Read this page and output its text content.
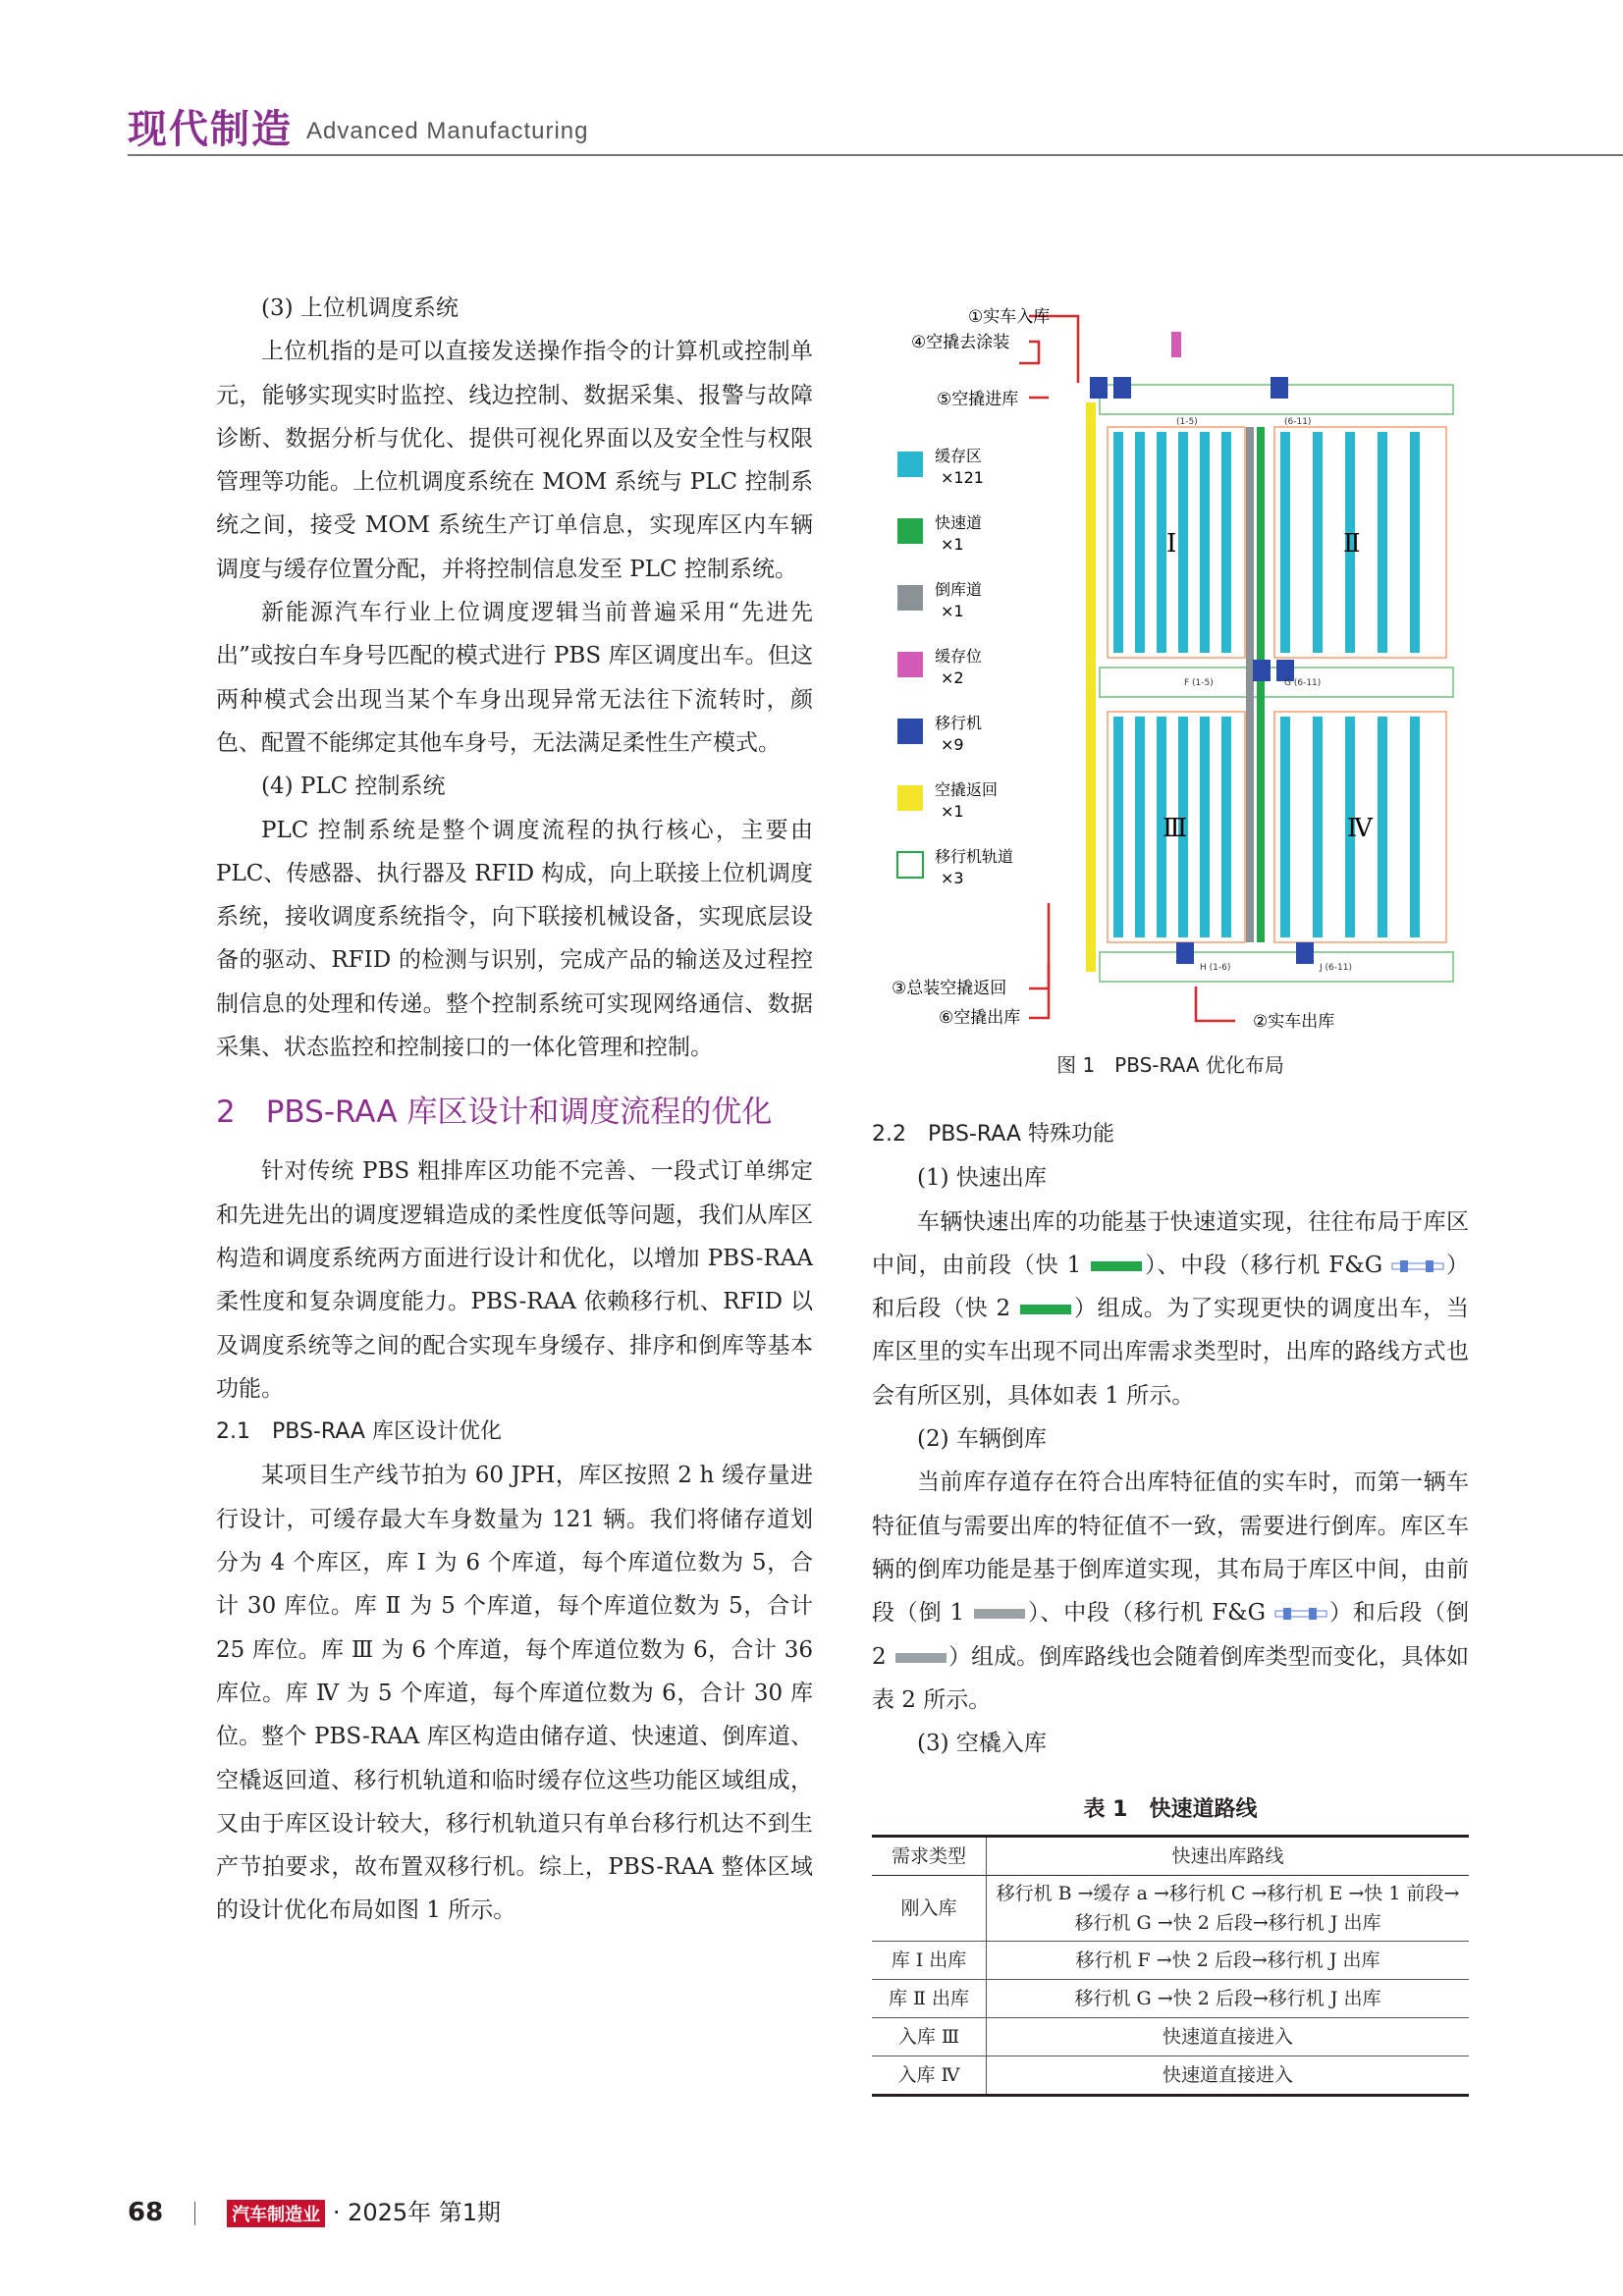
现代制造 Advanced Manufacturing

(3) 上位机调度系统

上位机指的是可以直接发送操作指令的计算机或控制单元，能够实现实时监控、线边控制、数据采集、报警与故障诊断、数据分析与优化、提供可视化界面以及安全性与权限管理等功能。上位机调度系统在 MOM 系统与 PLC 控制系统之间，接受 MOM 系统生产订单信息，实现库区内车辆调度与缓存位置分配，并将控制信息发至 PLC 控制系统。

新能源汽车行业上位调度逻辑当前普遍采用“先进先出”或按白车身号匹配的模式进行 PBS 库区调度出车。但这两种模式会出现当某个车身出现异常无法往下流转时，颜色、配置不能绑定其他车身号，无法满足柔性生产模式。

(4) PLC 控制系统

PLC 控制系统是整个调度流程的执行核心，主要由 PLC、传感器、执行器及 RFID 构成，向上联接上位机调度系统，接收调度系统指令，向下联接机械设备，实现底层设备的驱动、RFID 的检测与识别，完成产品的输送及过程控制信息的处理和传递。整个控制系统可实现网络通信、数据采集、状态监控和控制接口的一体化管理和控制。

2　PBS-RAA 库区设计和调度流程的优化

针对传统 PBS 粗排库区功能不完善、一段式订单绑定和先进先出的调度逻辑造成的柔性度低等问题，我们从库区构造和调度系统两方面进行设计和优化，以增加 PBS-RAA 柔性度和复杂调度能力。PBS-RAA 依赖移行机、RFID 以及调度系统等之间的配合实现车身缓存、排序和倒库等基本功能。

2.1　PBS-RAA 库区设计优化

某项目生产线节拍为 60 JPH，库区按照 2 h 缓存量进行设计，可缓存最大车身数量为 121 辆。我们将储存道划分为 4 个库区，库 Ⅰ 为 6 个库道，每个库道位数为 5，合计 30 库位。库 Ⅱ 为 5 个库道，每个库道位数为 5，合计 25 库位。库 Ⅲ 为 6 个库道，每个库道位数为 6，合计 36 库位。库 Ⅳ 为 5 个库道，每个库道位数为 6，合计 30 库位。整个 PBS-RAA 库区构造由储存道、快速道、倒库道、空橇返回道、移行机轨道和临时缓存位这些功能区域组成，又由于库区设计较大，移行机轨道只有单台移行机达不到生产节拍要求，故布置双移行机。综上，PBS-RAA 整体区域的设计优化布局如图 1 所示。

①实车入库
④空撬去涂装
⑤空撬进库
③总装空撬返回
⑥空撬出库	②实车出库
Ⅰ	Ⅱ
Ⅲ	Ⅳ
(1-5)	(6-11)
F (1-5)	G (6-11)
H (1-6)	J (6-11)
缓存区
×121
快速道
×1
倒库道
×1
缓存位
×2
移行机
×9
空撬返回
×1
移行机轨道
×3
图 1　PBS-RAA 优化布局
2.2　PBS-RAA 特殊功能

(1) 快速出库

车辆快速出库的功能基于快速道实现，往往布局于库区中间，由前段（快 1 ）、中段（移行机 F&G ）和后段（快 2 ）组成。为了实现更快的调度出车，当库区里的实车出现不同出库需求类型时，出库的路线方式也会有所区别，具体如表 1 所示。

(2) 车辆倒库

当前库存道存在符合出库特征值的实车时，而第一辆车特征值与需要出库的特征值不一致，需要进行倒库。库区车辆的倒库功能是基于倒库道实现，其布局于库区中间，由前段（倒 1 ）、中段（移行机 F&G ）和后段（倒 2 ）组成。倒库路线也会随着倒库类型而变化，具体如表 2 所示。

(3) 空橇入库

表 1　快速道路线
需求类型	快速出库路线
刚入库	移行机 B →缓存 a →移行机 C →移行机 E →快 1 前段→移行机 G →快 2 后段→移行机 J 出库
库 Ⅰ 出库	移行机 F →快 2 后段→移行机 J 出库
库 Ⅱ 出库	移行机 G →快 2 后段→移行机 J 出库
入库 Ⅲ	快速道直接进入
入库 Ⅳ	快速道直接进入
68	汽车制造业 · 2025年 第1期
